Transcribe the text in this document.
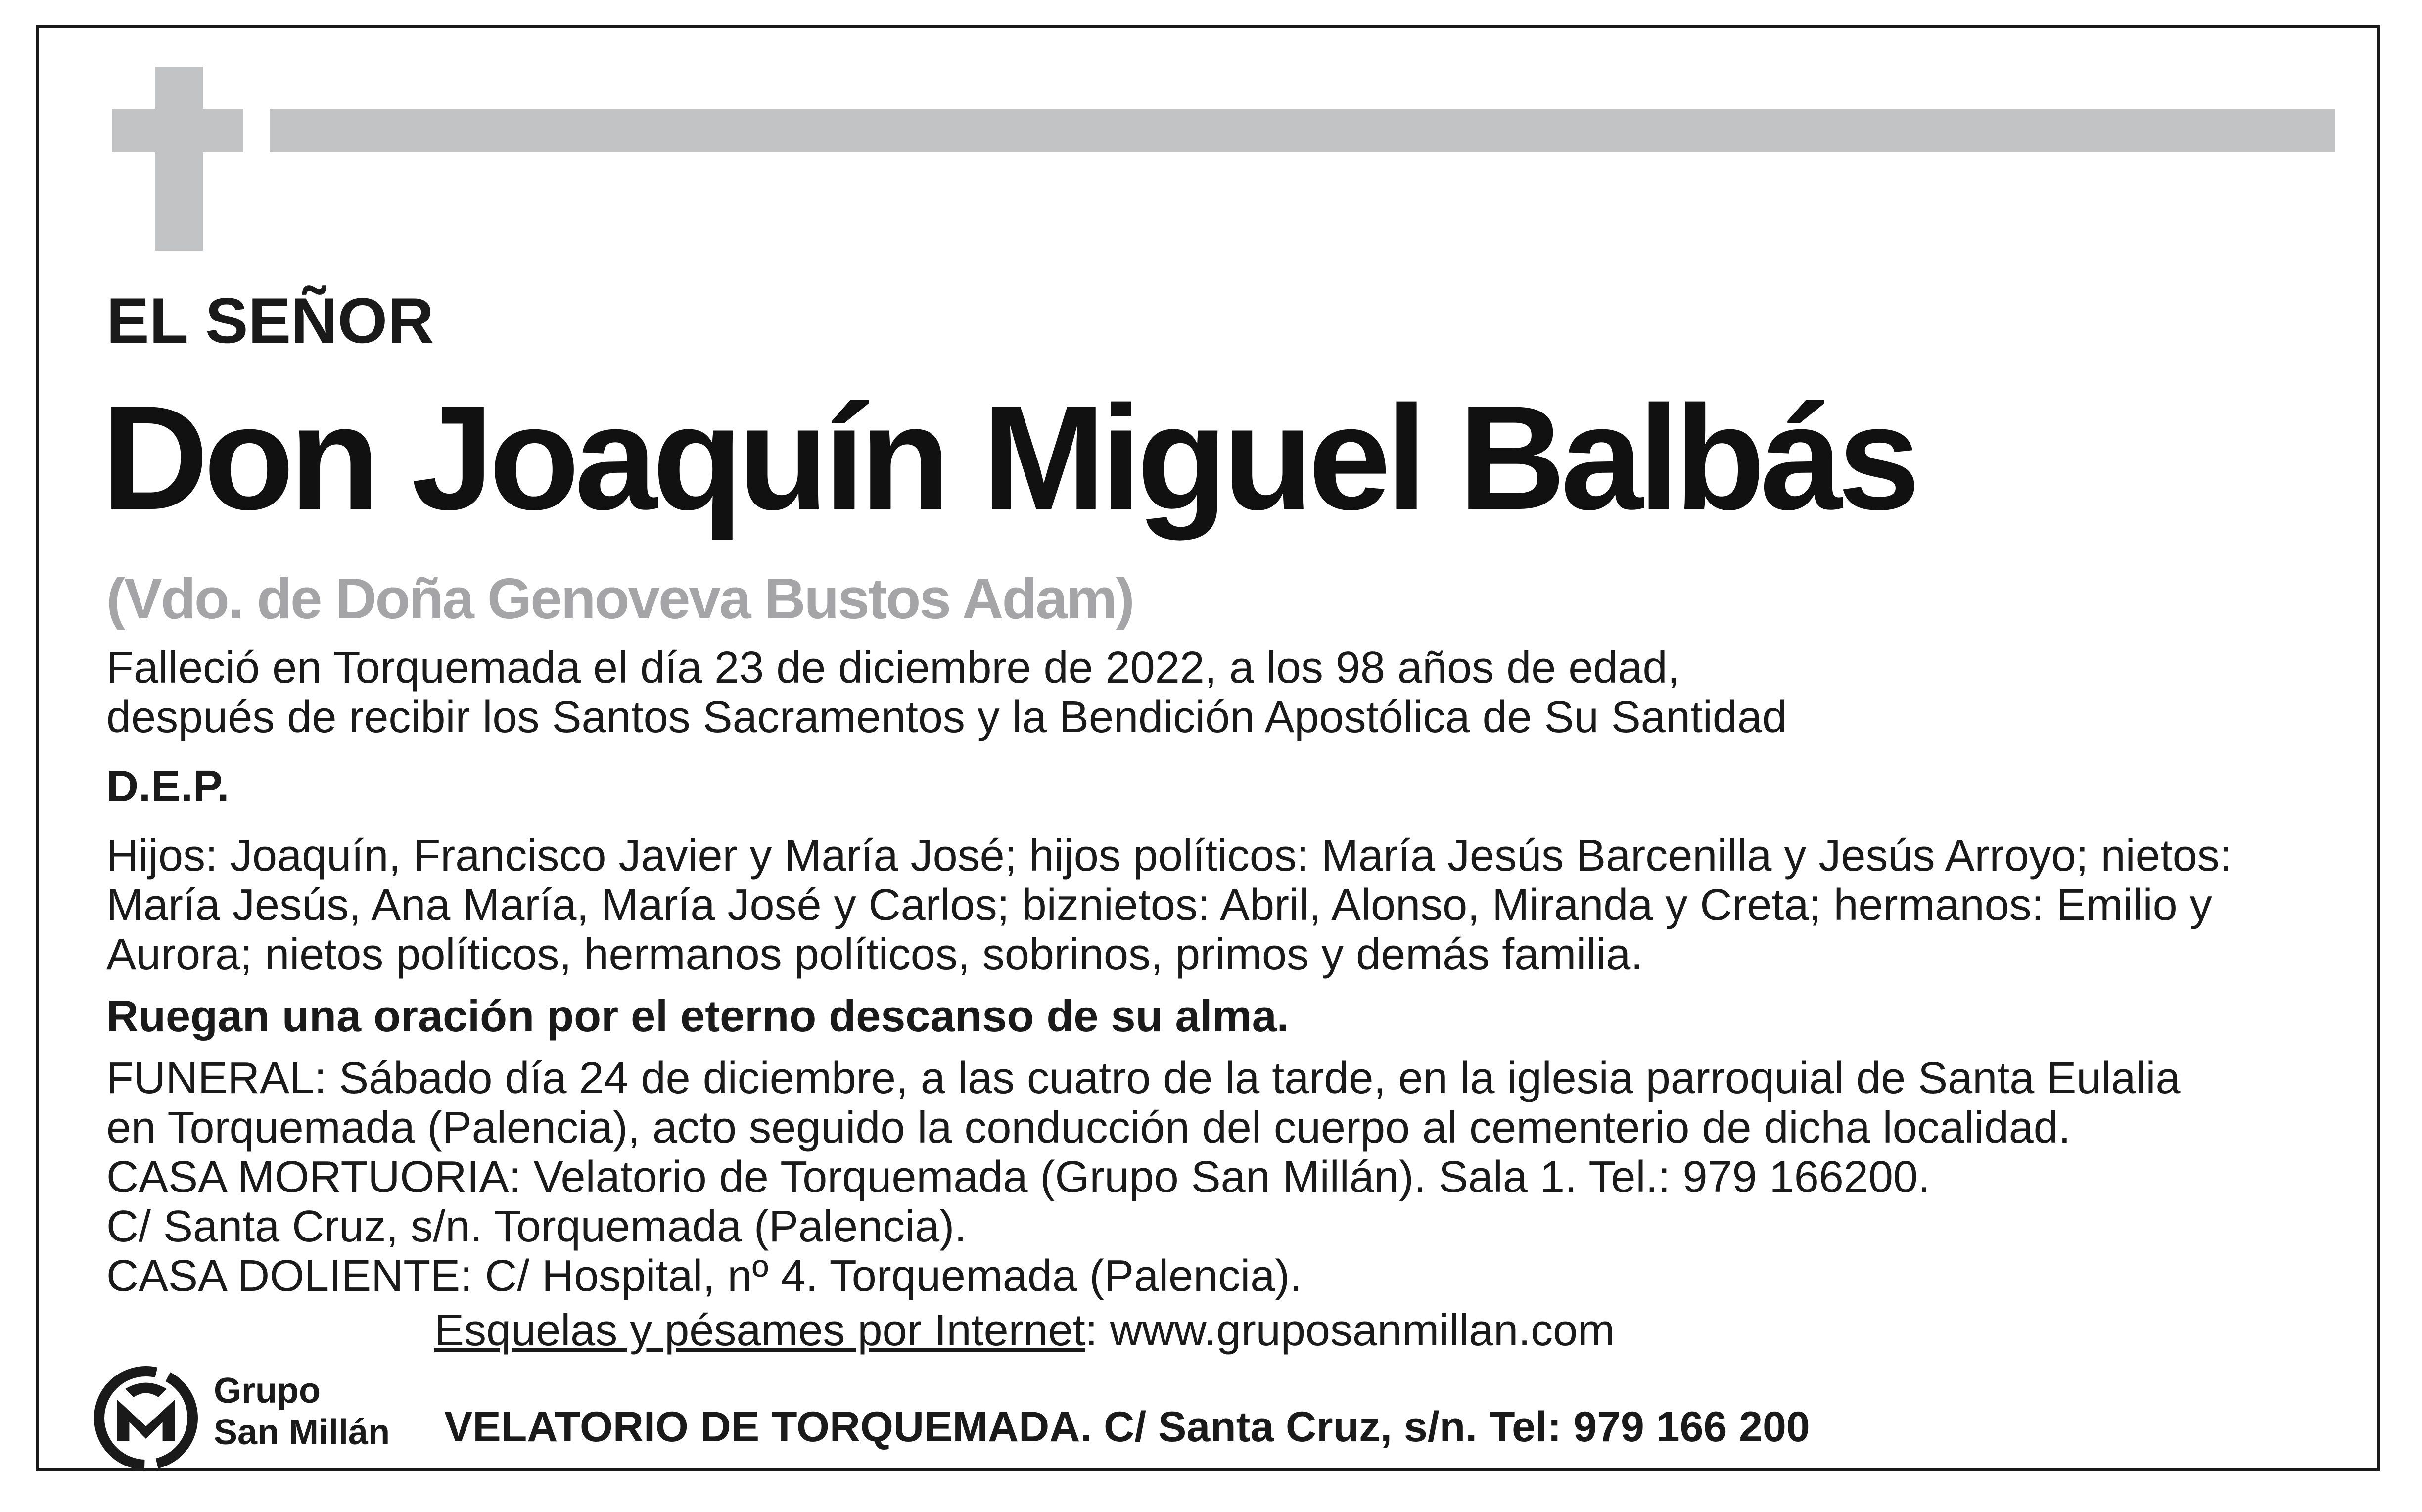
EL SEÑOR
Don Joaquín Miguel Balbás
(Vdo. de Doña Genoveva Bustos Adam)
Falleció en Torquemada el día 23 de diciembre de 2022, a los 98 años de edad,
después de recibir los Santos Sacramentos y la Bendición Apostólica de Su Santidad
D.E.P.
Hijos: Joaquín, Francisco Javier y María José; hijos políticos: María Jesús Barcenilla y Jesús Arroyo; nietos:
María Jesús, Ana María, María José y Carlos; biznietos: Abril, Alonso, Miranda y Creta; hermanos: Emilio y
Aurora; nietos políticos, hermanos políticos, sobrinos, primos y demás familia.
Ruegan una oración por el eterno descanso de su alma.
FUNERAL: Sábado día 24 de diciembre, a las cuatro de la tarde, en la iglesia parroquial de Santa Eulalia
en Torquemada (Palencia), acto seguido la conducción del cuerpo al cementerio de dicha localidad.
CASA MORTUORIA: Velatorio de Torquemada (Grupo San Millán). Sala 1. Tel.: 979 166200.
C/ Santa Cruz, s/n. Torquemada (Palencia).
CASA DOLIENTE: C/ Hospital, nº 4. Torquemada (Palencia).
Esquelas y pésames por Internet: www.gruposanmillan.com
Grupo
San Millán VELATORIO DE TORQUEMADA. C/ Santa Cruz, s/n. Tel: 979 166 200
